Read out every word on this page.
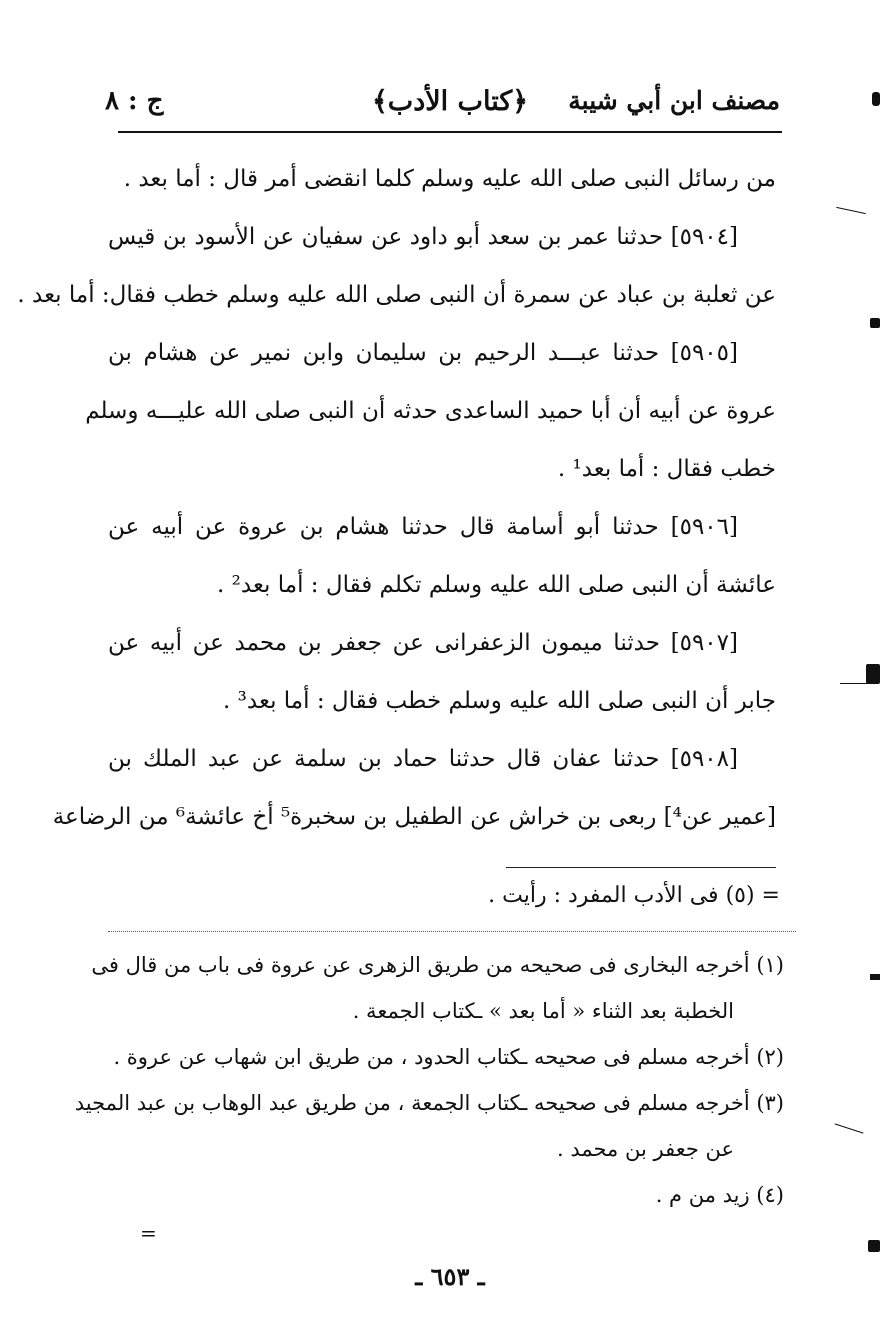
مصنف ابن أبي شيبة
﴿كتاب الأدب﴾
ج : ٨
من رسائل النبى صلى الله عليه وسلم كلما انقضى أمر قال : أما بعد .
[٥٩٠٤] حدثنا عمر بن سعد أبو داود عن سفيان عن الأسود بن قيس
عن ثعلبة بن عباد عن سمرة أن النبى صلى الله عليه وسلم خطب فقال: أما بعد .
[٥٩٠٥] حدثنا عبـــد الرحيم بن سليمان وابن نمير عن هشام بن
عروة عن أبيه أن أبا حميد الساعدى حدثه أن النبى صلى الله عليـــه وسلم
خطب فقال : أما بعد¹ .
[٥٩٠٦] حدثنا أبو أسامة قال حدثنا هشام بن عروة عن أبيه عن
عائشة أن النبى صلى الله عليه وسلم تكلم فقال : أما بعد² .
[٥٩٠٧] حدثنا ميمون الزعفرانى عن جعفر بن محمد عن أبيه عن
جابر أن النبى صلى الله عليه وسلم خطب فقال : أما بعد³ .
[٥٩٠٨] حدثنا عفان قال حدثنا حماد بن سلمة عن عبد الملك بن
[عمير عن⁴] ربعى بن خراش عن الطفيل بن سخبرة⁵ أخ عائشة⁶ من الرضاعة
= (٥) فى الأدب المفرد : رأيت .
(١) أخرجه البخارى فى صحيحه من طريق الزهرى عن عروة فى باب من قال فى
الخطبة بعد الثناء « أما بعد » ـكتاب الجمعة .
(٢) أخرجه مسلم فى صحيحه ـكتاب الحدود ، من طريق ابن شهاب عن عروة .
(٣) أخرجه مسلم فى صحيحه ـكتاب الجمعة ، من طريق عبد الوهاب بن عبد المجيد
عن جعفر بن محمد .
(٤) زيد من م .
=
ـ ٦٥٣ ـ
